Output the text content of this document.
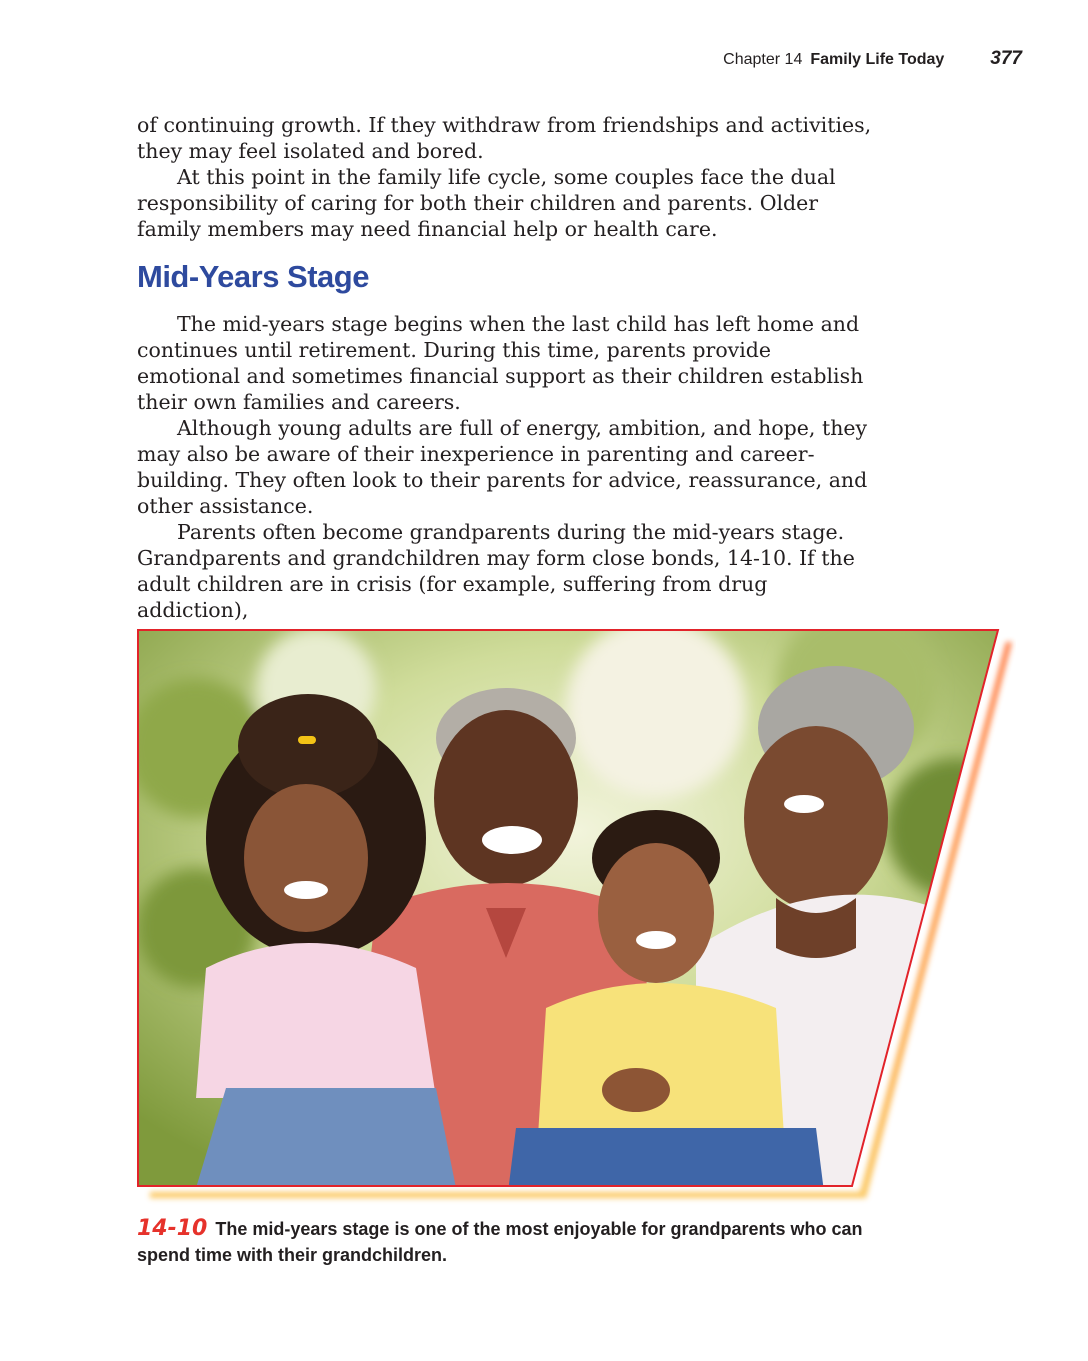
Chapter 14 Family Life Today 377

of continuing growth. If they withdraw from friendships and activities, they may feel isolated and bored.

At this point in the family life cycle, some couples face the dual responsibility of caring for both their children and parents. Older family members may need financial help or health care.

Mid-Years Stage

The mid-years stage begins when the last child has left home and continues until retirement. During this time, parents provide emotional and sometimes financial support as their children establish their own families and careers.

Although young adults are full of energy, ambition, and hope, they may also be aware of their inexperience in parenting and career-building. They often look to their parents for advice, reassurance, and other assistance.

Parents often become grandparents during the mid-years stage. Grandparents and grandchildren may form close bonds, 14-10. If the adult children are in crisis (for example, suffering from drug addiction),

14-10 The mid-years stage is one of the most enjoyable for grandparents who can spend time with their grandchildren.
